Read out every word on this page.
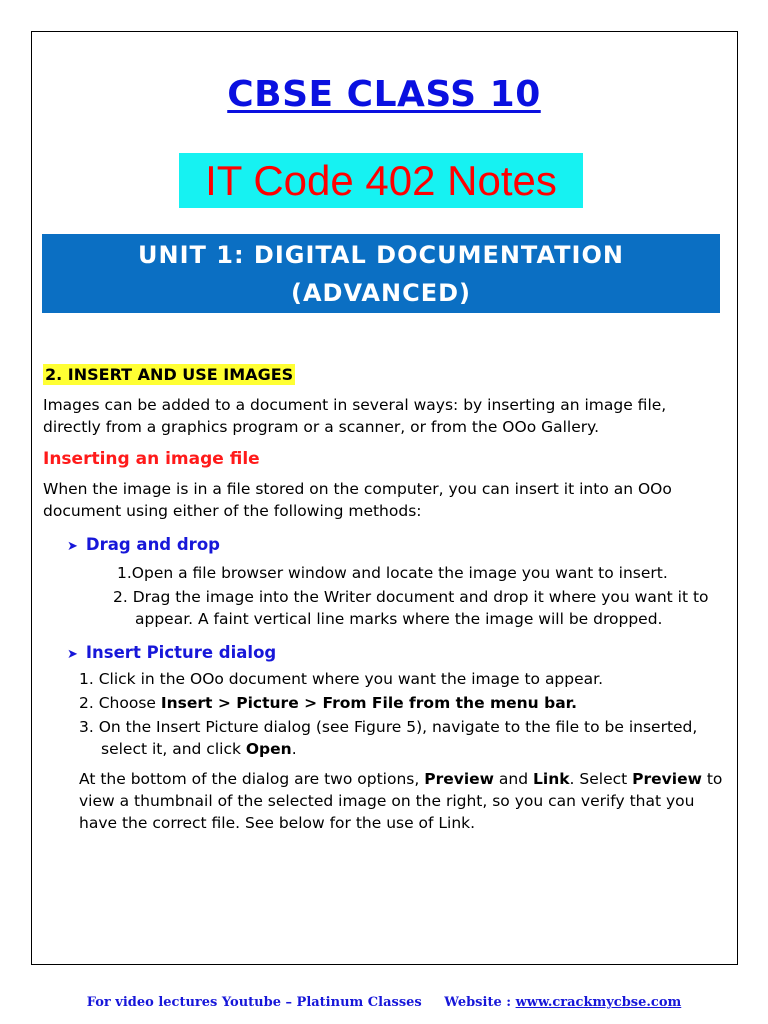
CBSE CLASS 10
IT Code 402 Notes
UNIT 1: DIGITAL DOCUMENTATION
(ADVANCED)
2. INSERT AND USE IMAGES

Images can be added to a document in several ways: by inserting an image file, directly from a graphics program or a scanner, or from the OOo Gallery.

Inserting an image file

When the image is in a file stored on the computer, you can insert it into an OOo document using either of the following methods:

➤ Drag and drop
1.Open a file browser window and locate the image you want to insert.
2. Drag the image into the Writer document and drop it where you want it to appear. A faint vertical line marks where the image will be dropped.
➤ Insert Picture dialog
1. Click in the OOo document where you want the image to appear.
2. Choose Insert > Picture > From File from the menu bar.
3. On the Insert Picture dialog (see Figure 5), navigate to the file to be inserted, select it, and click Open.

At the bottom of the dialog are two options, Preview and Link. Select Preview to view a thumbnail of the selected image on the right, so you can verify that you have the correct file. See below for the use of Link.

For video lectures Youtube – Platinum Classes Website : www.crackmycbse.com
